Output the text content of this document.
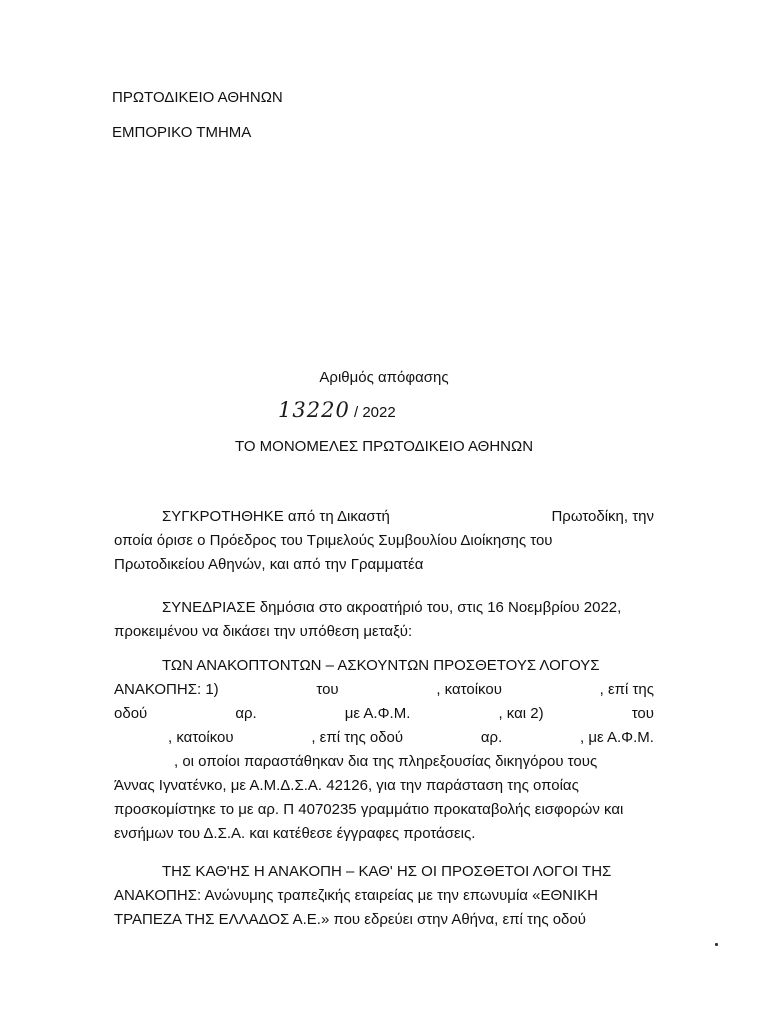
ΠΡΩΤΟΔΙΚΕΙΟ ΑΘΗΝΩΝ
ΕΜΠΟΡΙΚΟ ΤΜΗΜΑ
Αριθμός απόφασης
13220 / 2022
ΤΟ ΜΟΝΟΜΕΛΕΣ ΠΡΩΤΟΔΙΚΕΙΟ ΑΘΗΝΩΝ
ΣΥΓΚΡΟΤΗΘΗΚΕ από τη Δικαστή	Πρωτοδίκη, την
οποία όρισε ο Πρόεδρος του Τριμελούς Συμβουλίου Διοίκησης του
Πρωτοδικείου Αθηνών, και από την Γραμματέα
ΣΥΝΕΔΡΙΑΣΕ δημόσια στο ακροατήριό του, στις 16 Νοεμβρίου 2022,
προκειμένου να δικάσει την υπόθεση μεταξύ:
ΤΩΝ ΑΝΑΚΟΠΤΟΝΤΩΝ – ΑΣΚΟΥΝΤΩΝ ΠΡΟΣΘΕΤΟΥΣ ΛΟΓΟΥΣ
ΑΝΑΚΟΠΗΣ: 1)	του	, κατοίκου	, επί της
οδού	αρ.	με Α.Φ.Μ.	, και 2)	του
, κατοίκου	, επί της οδού	αρ.	, με Α.Φ.Μ.
, οι οποίοι παραστάθηκαν δια της πληρεξουσίας δικηγόρου τους
Άννας Ιγνατένκο, με Α.Μ.Δ.Σ.Α. 42126, για την παράσταση της οποίας
προσκομίστηκε το με αρ. Π 4070235 γραμμάτιο προκαταβολής εισφορών και
ενσήμων του Δ.Σ.Α. και κατέθεσε έγγραφες προτάσεις.
ΤΗΣ ΚΑΘ'ΗΣ Η ΑΝΑΚΟΠΗ – ΚΑΘ' ΗΣ ΟΙ ΠΡΟΣΘΕΤΟΙ ΛΟΓΟΙ ΤΗΣ
ΑΝΑΚΟΠΗΣ: Ανώνυμης τραπεζικής εταιρείας με την επωνυμία «ΕΘΝΙΚΗ
ΤΡΑΠΕΖΑ ΤΗΣ ΕΛΛΑΔΟΣ Α.Ε.» που εδρεύει στην Αθήνα, επί της οδού
